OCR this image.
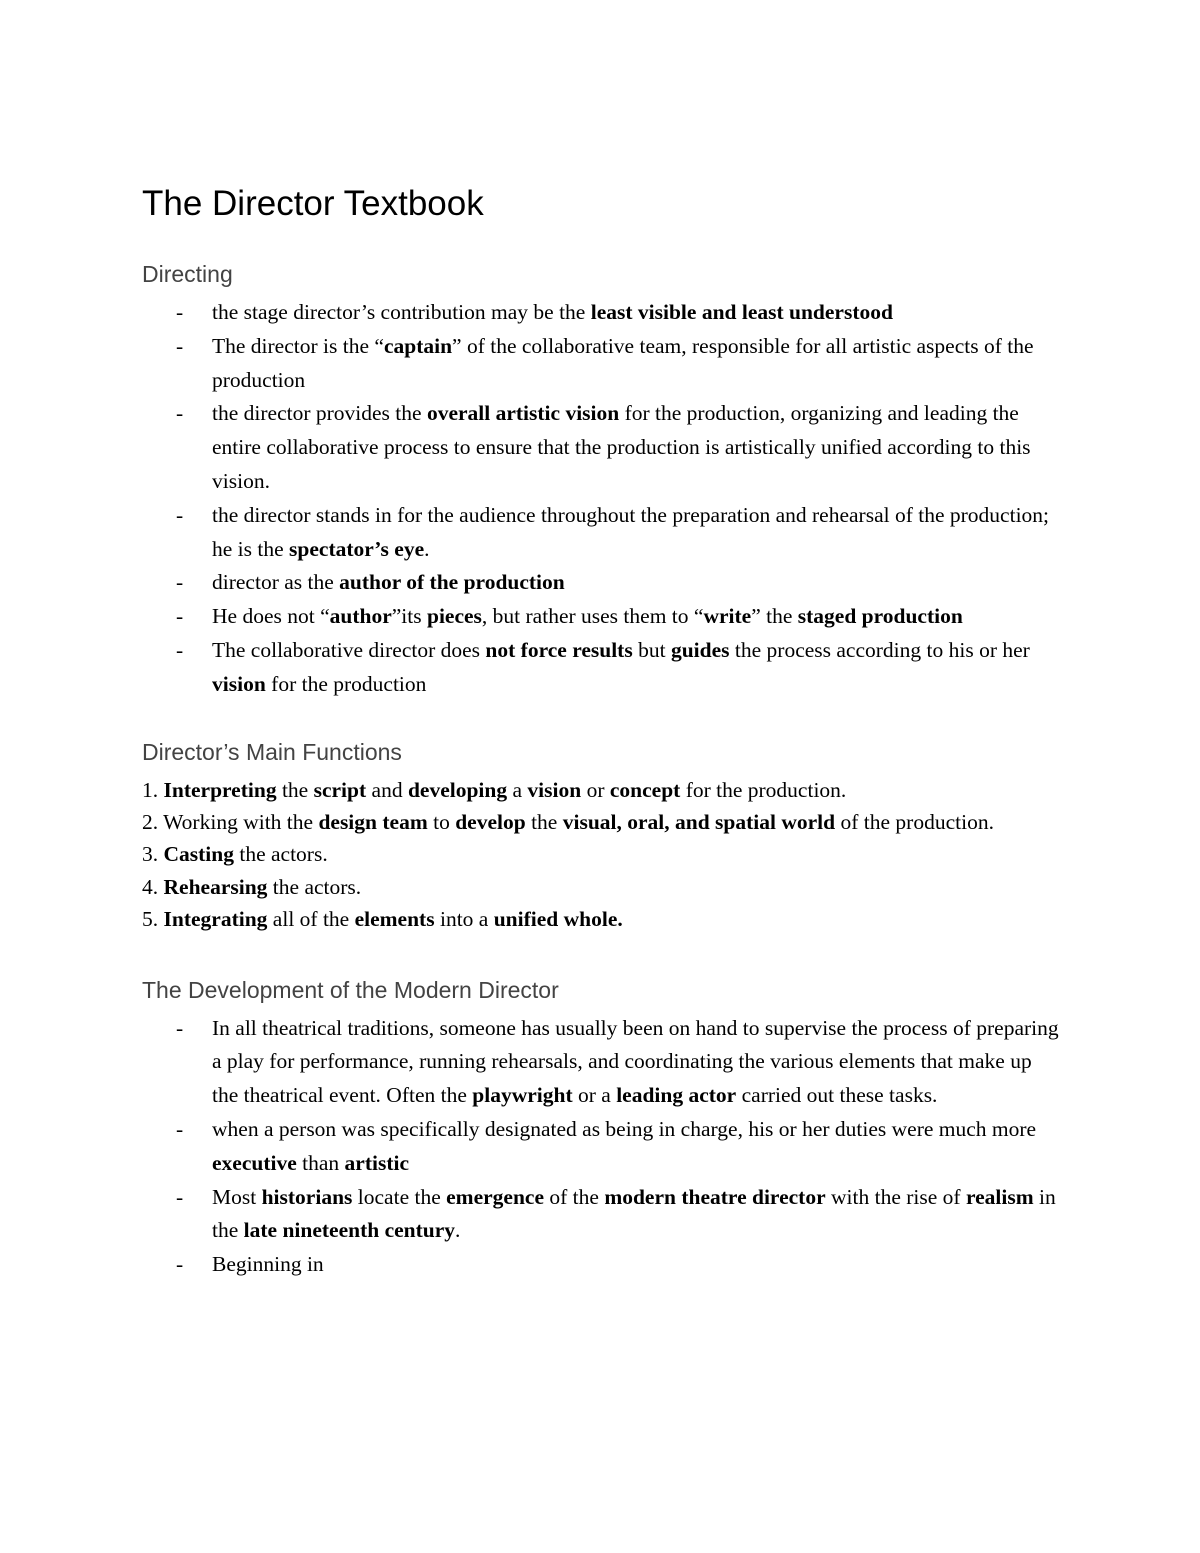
The Director Textbook
Directing
- the stage director’s contribution may be the least visible and least understood
- The director is the “captain” of the collaborative team, responsible for all artistic aspects of the production
- the director provides the overall artistic vision for the production, organizing and leading the entire collaborative process to ensure that the production is artistically unified according to this vision.
- the director stands in for the audience throughout the preparation and rehearsal of the production; he is the spectator’s eye.
- director as the author of the production
- He does not “author”its pieces, but rather uses them to “write” the staged production
- The collaborative director does not force results but guides the process according to his or her vision for the production
Director’s Main Functions
1. Interpreting the script and developing a vision or concept for the production.
2. Working with the design team to develop the visual, oral, and spatial world of the production.
3. Casting the actors.
4. Rehearsing the actors.
5. Integrating all of the elements into a unified whole.
The Development of the Modern Director
- In all theatrical traditions, someone has usually been on hand to supervise the process of preparing a play for performance, running rehearsals, and coordinating the various elements that make up the theatrical event. Often the playwright or a leading actor carried out these tasks.
- when a person was specifically designated as being in charge, his or her duties were much more executive than artistic
- Most historians locate the emergence of the modern theatre director with the rise of realism in the late nineteenth century.
- Beginning in
